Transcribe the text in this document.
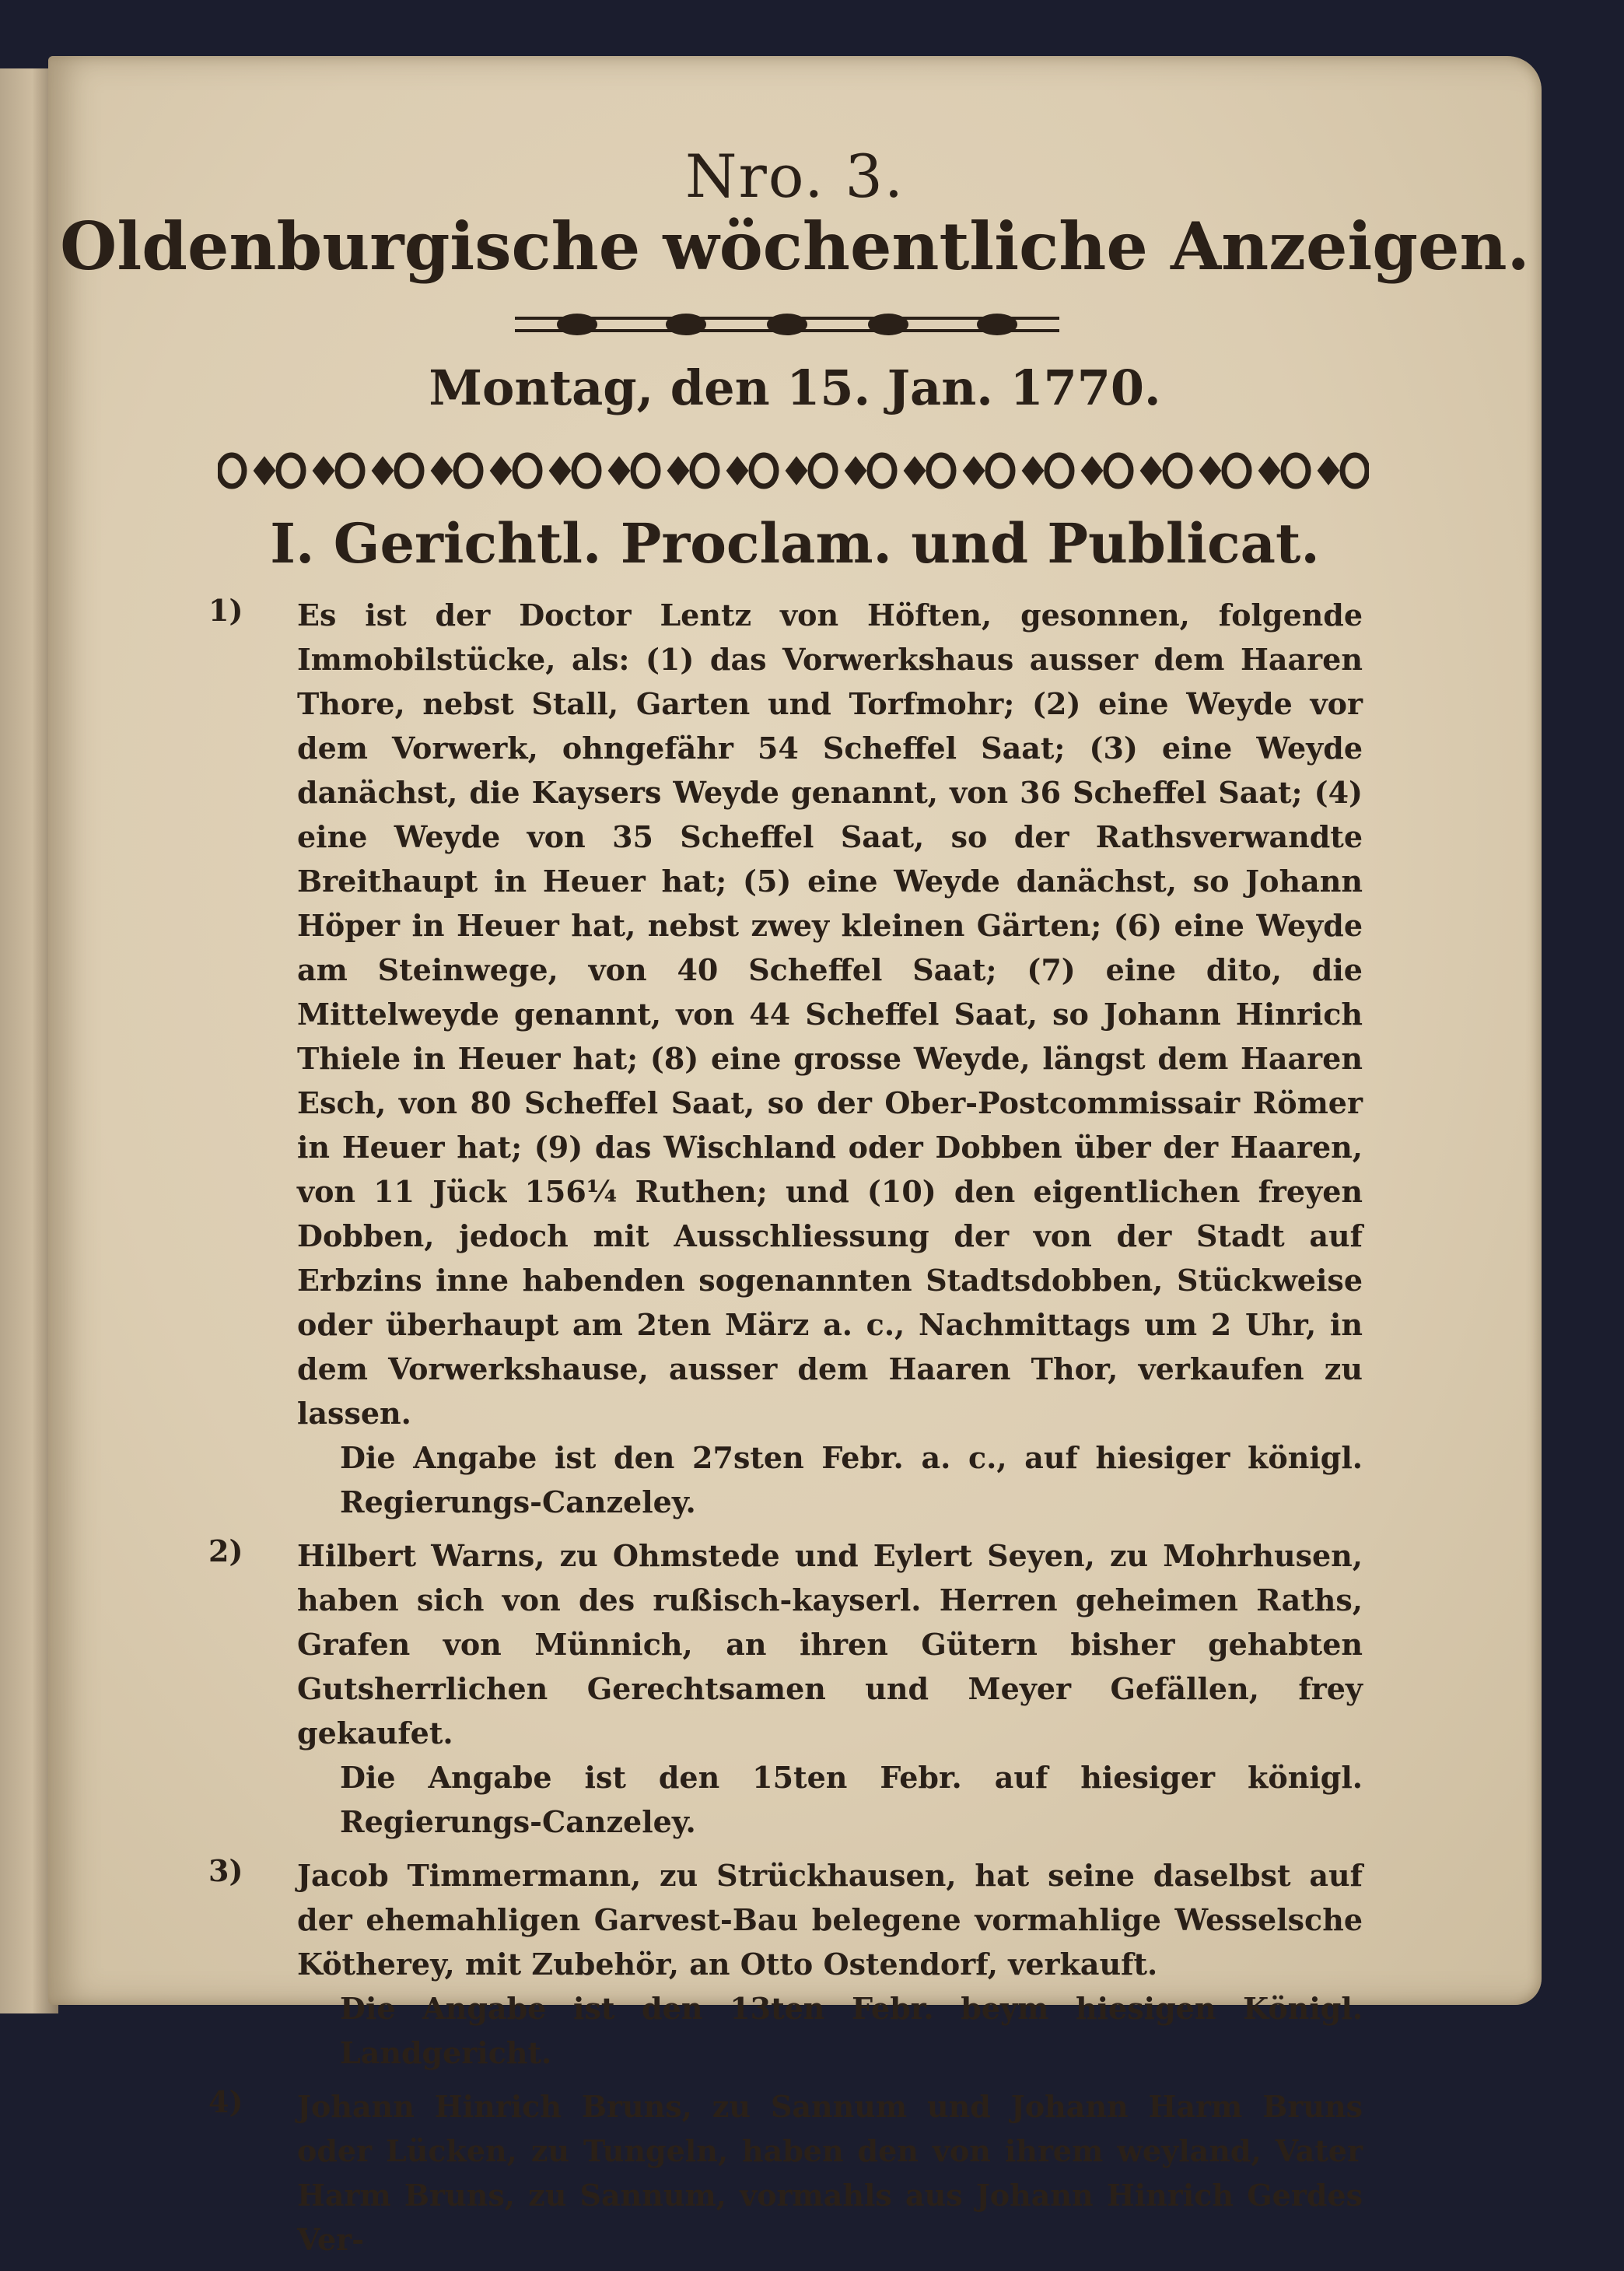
Nro. 3.
Oldenburgische wöchentliche Anzeigen.
Montag, den 15. Jan. 1770.
I. Gerichtl. Proclam. und Publicat.
1) Es ist der Doctor Lentz von Höften, gesonnen, folgende Immobilstücke, als: (1) das Vorwerkshaus ausser dem Haaren Thore, nebst Stall, Garten und Torfmohr; (2) eine Weyde vor dem Vorwerk, ohngefähr 54 Scheffel Saat; (3) eine Weyde danächst, die Kaysers Weyde genannt, von 36 Scheffel Saat; (4) eine Weyde von 35 Scheffel Saat, so der Rathsverwandte Breithaupt in Heuer hat; (5) eine Weyde danächst, so Johann Höper in Heuer hat, nebst zwey kleinen Gärten; (6) eine Weyde am Steinwege, von 40 Scheffel Saat; (7) eine dito, die Mittelweyde genannt, von 44 Scheffel Saat, so Johann Hinrich Thiele in Heuer hat; (8) eine grosse Weyde, längst dem Haaren Esch, von 80 Scheffel Saat, so der Ober-Postcommissair Römer in Heuer hat; (9) das Wischland oder Dobben über der Haaren, von 11 Jück 156¼ Ruthen; und (10) den eigentlichen freyen Dobben, jedoch mit Ausschliessung der von der Stadt auf Erbzins inne habenden sogenannten Stadtsdobben, Stückweise oder überhaupt am 2ten März a. c., Nachmittags um 2 Uhr, in dem Vorwerkshause, ausser dem Haaren Thor, verkaufen zu lassen.
Die Angabe ist den 27sten Febr. a. c., auf hiesiger königl. Regierungs-Canzeley.
2) Hilbert Warns, zu Ohmstede und Eylert Seyen, zu Mohrhusen, haben sich von des rußisch-kayserl. Herren geheimen Raths, Grafen von Münnich, an ihren Gütern bisher gehabten Gutsherrlichen Gerechtsamen und Meyer Gefällen, frey gekaufet.
Die Angabe ist den 15ten Febr. auf hiesiger königl. Regierungs-Canzeley.
3) Jacob Timmermann, zu Strückhausen, hat seine daselbst auf der ehemahligen Garvest-Bau belegene vormahlige Wesselsche Kötherey, mit Zubehör, an Otto Ostendorf, verkauft.
Die Angabe ist den 13ten Febr. beym hiesigen Königl. Landgericht.
4) Johann Hinrich Bruns, zu Sannum und Johann Harm Bruns oder Lücken, zu Tungeln, haben den von ihrem weyland, Vater Harm Bruns, zu Sannum, vormahls aus Johann Hinrich Gerdes Ver-
